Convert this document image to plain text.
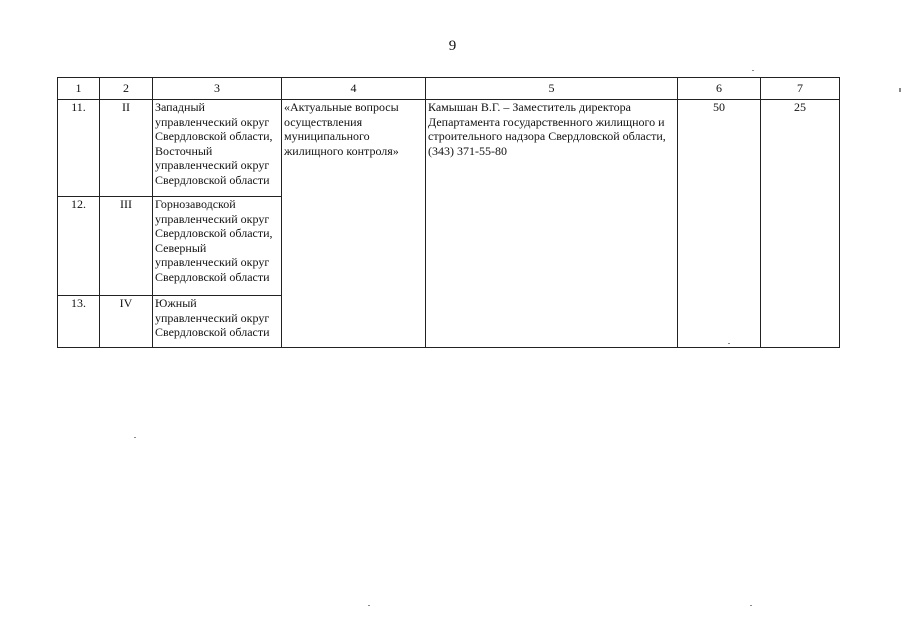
9
1	2	3	4	5	6	7
11.	II	Западный управленческий округ Свердловской области, Восточный управленческий округ Свердловской области	«Актуальные вопросы осуществления муниципального жилищного контроля»	Камышан В.Г. – Заместитель директора Департамента государственного жилищного и строительного надзора Свердловской области, (343) 371-55-80	50	25
12.	III	Горнозаводской управленческий округ Свердловской области, Северный управленческий округ Свердловской области				
13.	IV	Южный управленческий округ Свердловской области				
